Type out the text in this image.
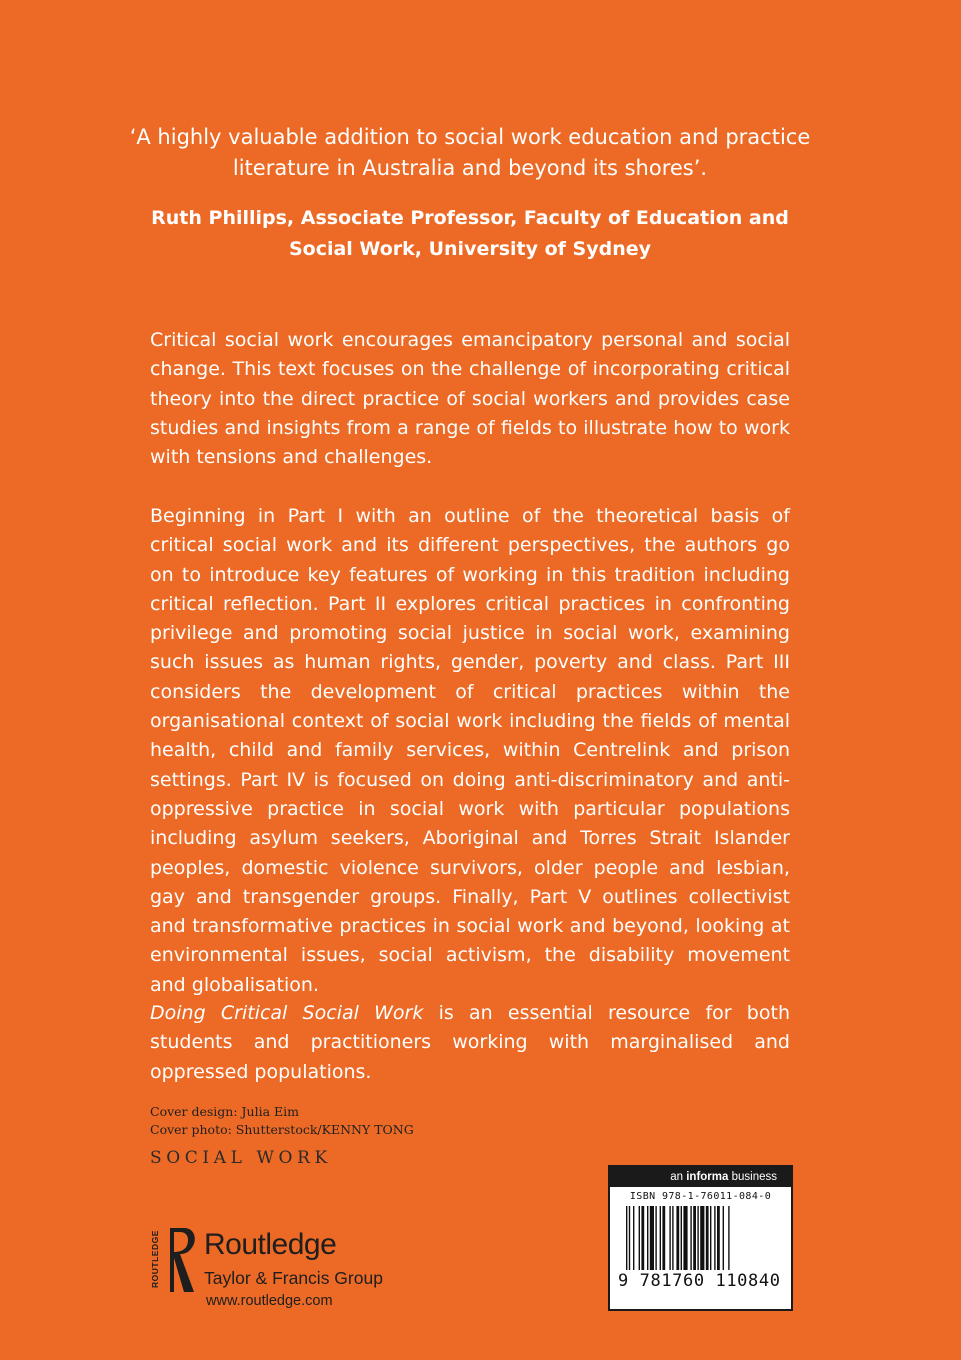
‘A highly valuable addition to social work education and practice literature in Australia and beyond its shores’.
Ruth Phillips, Associate Professor, Faculty of Education and Social Work, University of Sydney

Critical social work encourages emancipatory personal and social change. This text focuses on the challenge of incorporating critical theory into the direct practice of social workers and provides case studies and insights from a range of fields to illustrate how to work with tensions and challenges.

Beginning in Part I with an outline of the theoretical basis of critical social work and its different perspectives, the authors go on to introduce key features of working in this tradition including critical reflection. Part II explores critical practices in confronting privilege and promoting social justice in social work, examining such issues as human rights, gender, poverty and class. Part III considers the development of critical practices within the organisational context of social work including the fields of mental health, child and family services, within Centrelink and prison settings. Part IV is focused on doing anti-discriminatory and anti-oppressive practice in social work with particular populations including asylum seekers, Aboriginal and Torres Strait Islander peoples, domestic violence survivors, older people and lesbian, gay and transgender groups. Finally, Part V outlines collectivist and transformative practices in social work and beyond, looking at environmental issues, social activism, the disability movement and globalisation.

Doing Critical Social Work is an essential resource for both students and practitioners working with marginalised and oppressed populations.

Cover design: Julia Eim
Cover photo: Shutterstock/KENNY TONG
SOCIAL WORK
ROUTLEDGE Routledge
Taylor & Francis Group
www.routledge.com
an informa business
ISBN 978-1-76011-084-0
9 781760 110840
